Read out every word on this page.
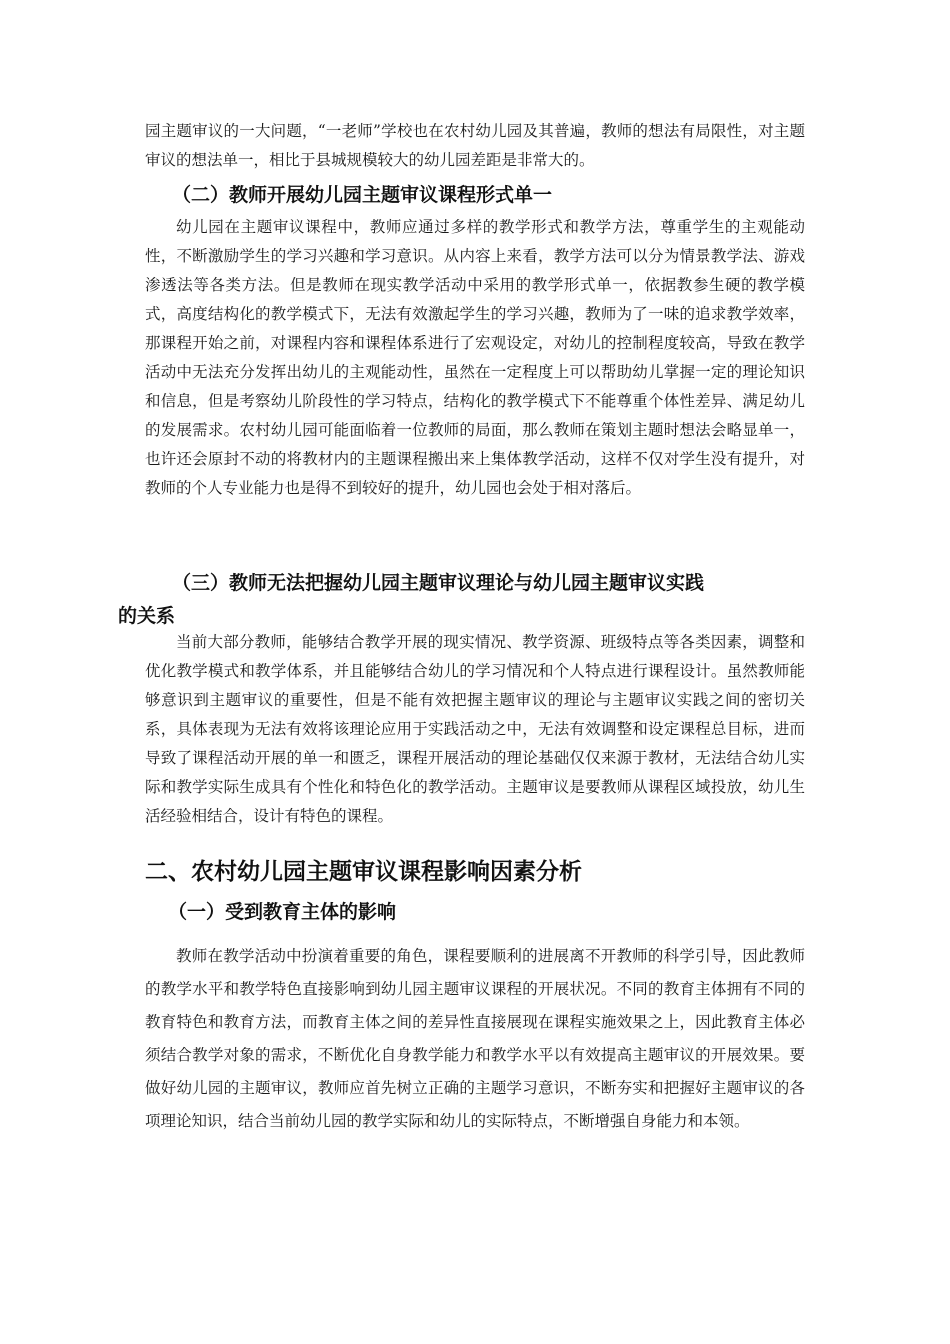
园主题审议的一大问题，“一老师”学校也在农村幼儿园及其普遍，教师的想法有局限性，对主题审议的想法单一，相比于县城规模较大的幼儿园差距是非常大的。

（二）教师开展幼儿园主题审议课程形式单一

幼儿园在主题审议课程中，教师应通过多样的教学形式和教学方法，尊重学生的主观能动性，不断激励学生的学习兴趣和学习意识。从内容上来看，教学方法可以分为情景教学法、游戏渗透法等各类方法。但是教师在现实教学活动中采用的教学形式单一，依据教参生硬的教学模式，高度结构化的教学模式下，无法有效激起学生的学习兴趣，教师为了一味的追求教学效率，那课程开始之前，对课程内容和课程体系进行了宏观设定，对幼儿的控制程度较高，导致在教学活动中无法充分发挥出幼儿的主观能动性，虽然在一定程度上可以帮助幼儿掌握一定的理论知识和信息，但是考察幼儿阶段性的学习特点，结构化的教学模式下不能尊重个体性差异、满足幼儿的发展需求。农村幼儿园可能面临着一位教师的局面，那么教师在策划主题时想法会略显单一，也许还会原封不动的将教材内的主题课程搬出来上集体教学活动，这样不仅对学生没有提升，对教师的个人专业能力也是得不到较好的提升，幼儿园也会处于相对落后。

（三）教师无法把握幼儿园主题审议理论与幼儿园主题审议实践
的关系

当前大部分教师，能够结合教学开展的现实情况、教学资源、班级特点等各类因素，调整和优化教学模式和教学体系，并且能够结合幼儿的学习情况和个人特点进行课程设计。虽然教师能够意识到主题审议的重要性，但是不能有效把握主题审议的理论与主题审议实践之间的密切关系，具体表现为无法有效将该理论应用于实践活动之中，无法有效调整和设定课程总目标，进而导致了课程活动开展的单一和匮乏，课程开展活动的理论基础仅仅来源于教材，无法结合幼儿实际和教学实际生成具有个性化和特色化的教学活动。主题审议是要教师从课程区域投放，幼儿生活经验相结合，设计有特色的课程。

二、农村幼儿园主题审议课程影响因素分析
（一）受到教育主体的影响

教师在教学活动中扮演着重要的角色，课程要顺利的进展离不开教师的科学引导，因此教师的教学水平和教学特色直接影响到幼儿园主题审议课程的开展状况。不同的教育主体拥有不同的教育特色和教育方法，而教育主体之间的差异性直接展现在课程实施效果之上，因此教育主体必须结合教学对象的需求，不断优化自身教学能力和教学水平以有效提高主题审议的开展效果。要做好幼儿园的主题审议，教师应首先树立正确的主题学习意识，不断夯实和把握好主题审议的各项理论知识，结合当前幼儿园的教学实际和幼儿的实际特点，不断增强自身能力和本领。
